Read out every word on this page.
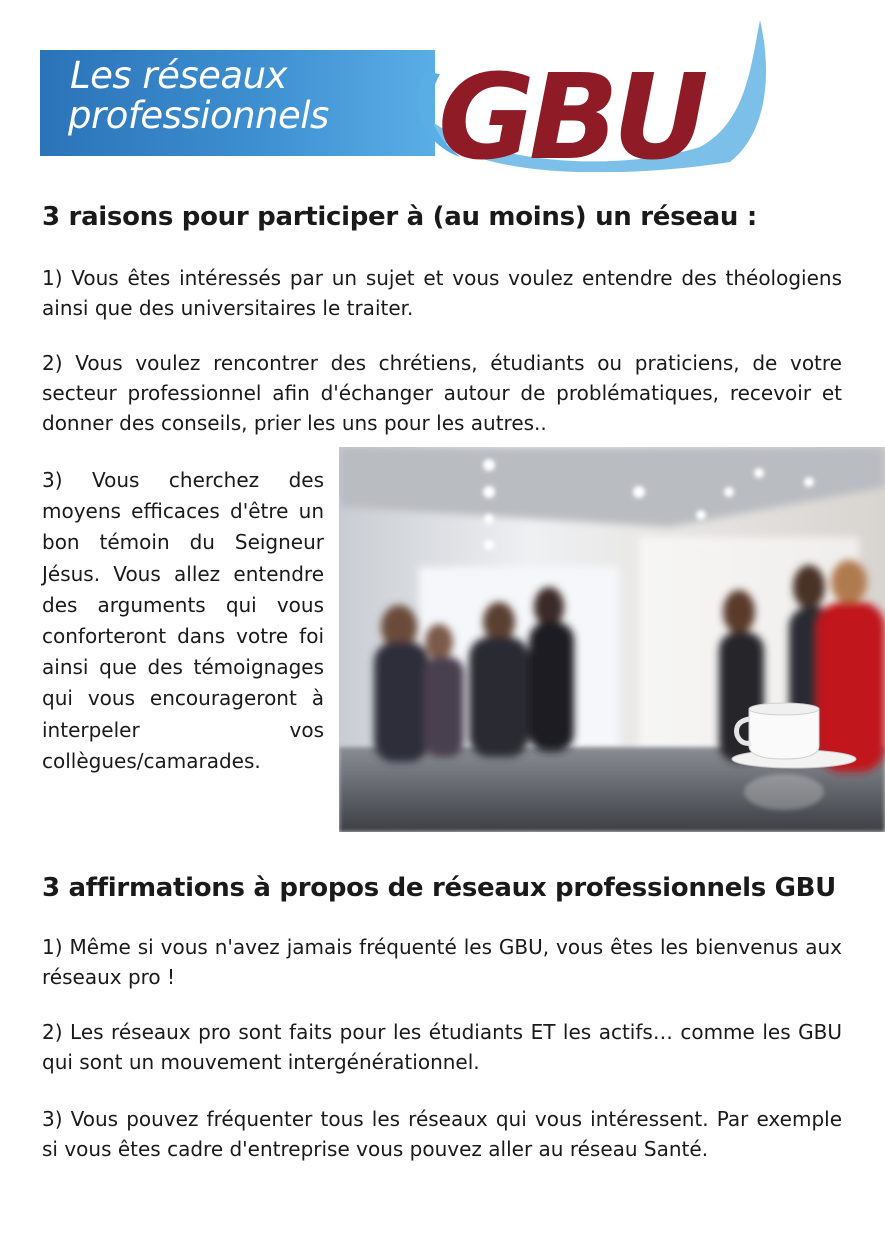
Les réseaux
professionnels GBU
3 raisons pour participer à (au moins) un réseau :

1) Vous êtes intéressés par un sujet et vous voulez entendre des théologiens ainsi que des universitaires le traiter.

2) Vous voulez rencontrer des chrétiens, étudiants ou praticiens, de votre secteur professionnel afin d'échanger autour de problématiques, recevoir et donner des conseils, prier les uns pour les autres..

3) Vous cherchez des moyens efficaces d'être un bon témoin du Seigneur Jésus. Vous allez entendre des arguments qui vous conforteront dans votre foi ainsi que des témoignages qui vous encourageront à interpeler vos collègues/camarades.

3 affirmations à propos de réseaux professionnels GBU

1) Même si vous n'avez jamais fréquenté les GBU, vous êtes les bienvenus aux réseaux pro !

2) Les réseaux pro sont faits pour les étudiants ET les actifs… comme les GBU qui sont un mouvement intergénérationnel.

3) Vous pouvez fréquenter tous les réseaux qui vous intéressent. Par exemple si vous êtes cadre d'entreprise vous pouvez aller au réseau Santé.
